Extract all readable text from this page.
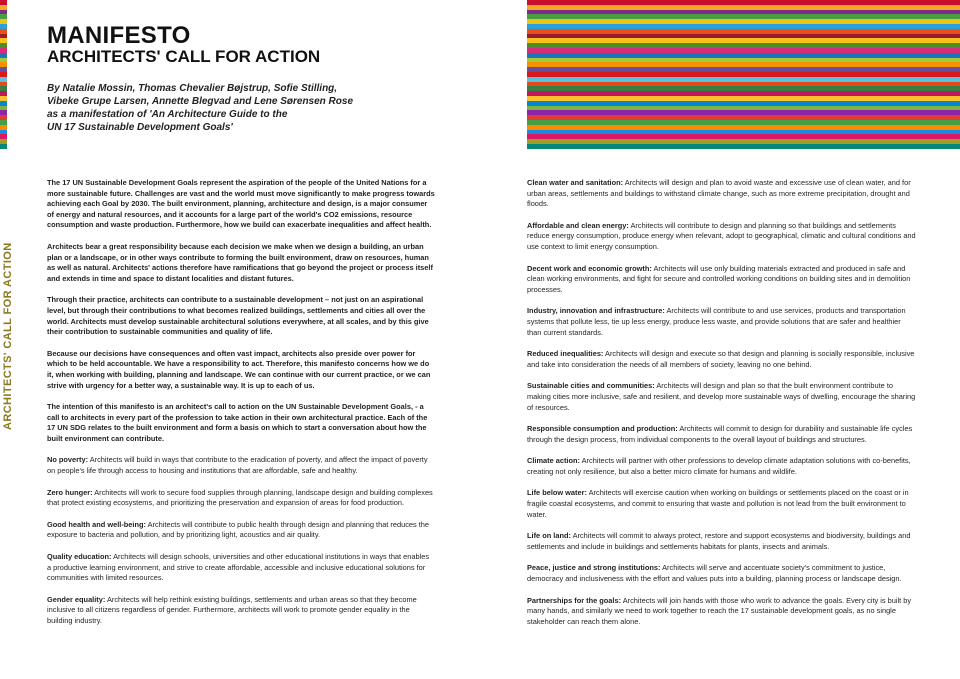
MANIFESTO
ARCHITECTS' CALL FOR ACTION
By Natalie Mossin, Thomas Chevalier Bøjstrup, Sofie Stilling,
Vibeke Grupe Larsen, Annette Blegvad and Lene Sørensen Rose
as a manifestation of 'An Architecture Guide to the
UN 17 Sustainable Development Goals'
ARCHITECTS' CALL FOR ACTION

The 17 UN Sustainable Development Goals represent the aspiration of the people of the United Nations for a more sustainable future. Challenges are vast and the world must move significantly to make progress towards achieving each Goal by 2030. The built environment, planning, architecture and design, is a major consumer of energy and natural resources, and it accounts for a large part of the world's CO2 emissions, resource consumption and waste production. Furthermore, how we build can exacerbate inequalities and affect health.

Architects bear a great responsibility because each decision we make when we design a building, an urban plan or a landscape, or in other ways contribute to forming the built environment, draw on resources, human as well as natural. Architects' actions therefore have ramifications that go beyond the project or process itself and extends in time and space to distant localities and distant futures.

Through their practice, architects can contribute to a sustainable development – not just on an aspirational level, but through their contributions to what becomes realized buildings, settlements and cities all over the world. Architects must develop sustainable architectural solutions everywhere, at all scales, and by this give their contribution to sustainable communities and quality of life.

Because our decisions have consequences and often vast impact, architects also preside over power for which to be held accountable. We have a responsibility to act. Therefore, this manifesto concerns how we do it, when working with building, planning and landscape. We can continue with our current practice, or we can strive with urgency for a better way, a sustainable way. It is up to each of us.

The intention of this manifesto is an architect's call to action on the UN Sustainable Development Goals, - a call to architects in every part of the profession to take action in their own architectural practice. Each of the 17 UN SDG relates to the built environment and form a basis on which to start a conversation about how the built environment can contribute.

No poverty: Architects will build in ways that contribute to the eradication of poverty, and affect the impact of poverty on people's life through access to housing and institutions that are affordable, safe and healthy.

Zero hunger: Architects will work to secure food supplies through planning, landscape design and building complexes that protect existing ecosystems, and prioritizing the preservation and expansion of areas for food production.

Good health and well-being: Architects will contribute to public health through design and planning that reduces the exposure to bacteria and pollution, and by prioritizing light, acoustics and air quality.

Quality education: Architects will design schools, universities and other educational institutions in ways that enables a productive learning environment, and strive to create affordable, accessible and inclusive educational solutions for communities with limited resources.

Gender equality: Architects will help rethink existing buildings, settlements and urban areas so that they become inclusive to all citizens regardless of gender. Furthermore, architects will work to promote gender equality in the building industry.

Clean water and sanitation: Architects will design and plan to avoid waste and excessive use of clean water, and for urban areas, settlements and buildings to withstand climate change, such as more extreme precipitation, drought and floods.

Affordable and clean energy: Architects will contribute to design and planning so that buildings and settlements reduce energy consumption, produce energy when relevant, adopt to geographical, climatic and cultural conditions and use context to limit energy consumption.

Decent work and economic growth: Architects will use only building materials extracted and produced in safe and clean working environments, and fight for secure and controlled working conditions on building sites and in demolition processes.

Industry, innovation and infrastructure: Architects will contribute to and use services, products and transportation systems that pollute less, tie up less energy, produce less waste, and provide solutions that are safer and healthier than current standards.

Reduced inequalities: Architects will design and execute so that design and planning is socially responsible, inclusive and take into consideration the needs of all members of society, leaving no one behind.

Sustainable cities and communities: Architects will design and plan so that the built environment contribute to making cities more inclusive, safe and resilient, and develop more sustainable ways of dwelling, encourage the sharing of resources.

Responsible consumption and production: Architects will commit to design for durability and sustainable life cycles through the design process, from individual components to the overall layout of buildings and structures.

Climate action: Architects will partner with other professions to develop climate adaptation solutions with co-benefits, creating not only resilience, but also a better micro climate for humans and wildlife.

Life below water: Architects will exercise caution when working on buildings or settlements placed on the coast or in fragile coastal ecosystems, and commit to ensuring that waste and pollution is not lead from the built environment to water.

Life on land: Architects will commit to always protect, restore and support ecosystems and biodiversity, buildings and settlements and include in buildings and settlements habitats for plants, insects and animals.

Peace, justice and strong institutions: Architects will serve and accentuate society's commitment to justice, democracy and inclusiveness with the effort and values puts into a building, planning process or landscape design.

Partnerships for the goals: Architects will join hands with those who work to advance the goals. Every city is built by many hands, and similarly we need to work together to reach the 17 sustainable development goals, as no single stakeholder can reach them alone.
